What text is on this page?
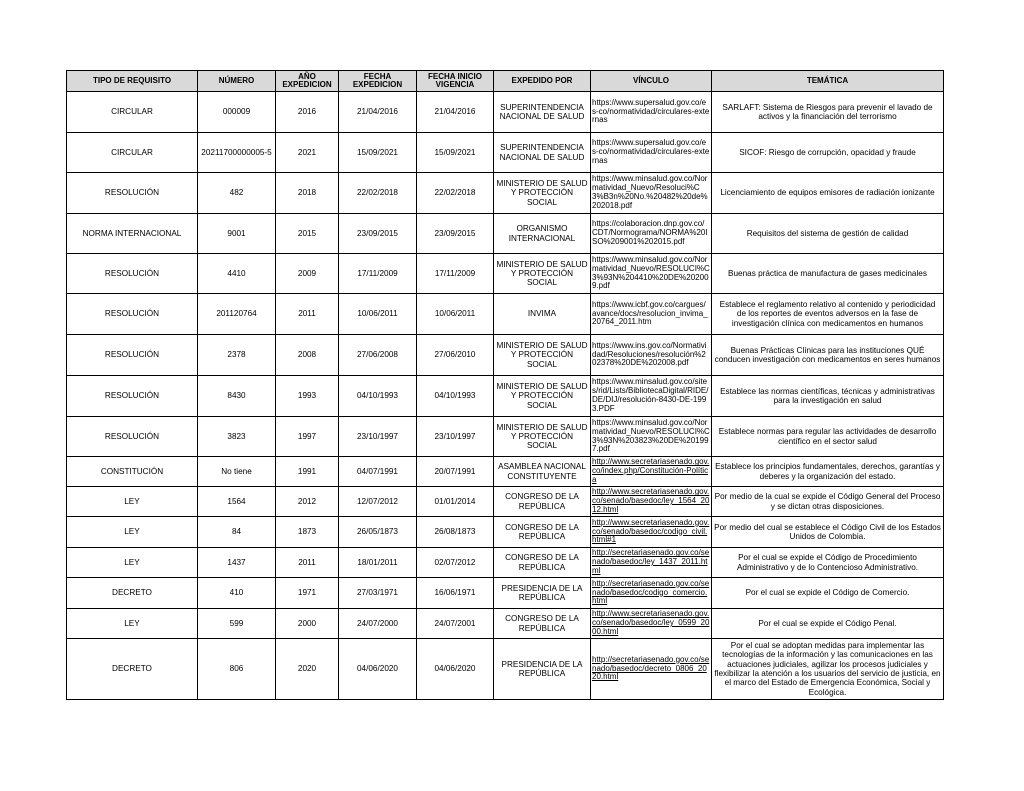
TIPO DE REQUISITO	NÚMERO	AÑO EXPEDICION	FECHA EXPEDICION	FECHA INICIO VIGENCIA	EXPEDIDO POR	VÍNCULO	TEMÁTICA
CIRCULAR	000009	2016	21/04/2016	21/04/2016	SUPERINTENDENCIA NACIONAL DE SALUD	https://www.supersalud.gov.co/es-co/normatividad/circulares-externas	SARLAFT: Sistema de Riesgos para prevenir el lavado de activos y la financiación del terrorismo
CIRCULAR	20211700000005-5	2021	15/09/2021	15/09/2021	SUPERINTENDENCIA NACIONAL DE SALUD	https://www.supersalud.gov.co/es-co/normatividad/circulares-externas	SICOF: Riesgo de corrupción, opacidad y fraude
RESOLUCIÓN	482	2018	22/02/2018	22/02/2018	MINISTERIO DE SALUD Y PROTECCIÓN SOCIAL	https://www.minsalud.gov.co/Normatividad_Nuevo/Resoluci%C3%B3n%20No.%20482%20de%202018.pdf	Licenciamiento de equipos emisores de radiación ionizante
NORMA INTERNACIONAL	9001	2015	23/09/2015	23/09/2015	ORGANISMO INTERNACIONAL	https://colaboracion.dnp.gov.co/CDT/Normograma/NORMA%20ISO%209001%202015.pdf	Requisitos del sistema de gestión de calidad
RESOLUCIÓN	4410	2009	17/11/2009	17/11/2009	MINISTERIO DE SALUD Y PROTECCIÓN SOCIAL	https://www.minsalud.gov.co/Normatividad_Nuevo/RESOLUCI%C3%93N%204410%20DE%202009.pdf	Buenas práctica de manufactura de gases medicinales
RESOLUCIÓN	201120764	2011	10/06/2011	10/06/2011	INVIMA	https://www.icbf.gov.co/cargues/avance/docs/resolucion_invima_20764_2011.htm	Establece el reglamento relativo al contenido y periodicidad de los reportes de eventos adversos en la fase de investigación clínica con medicamentos en humanos
RESOLUCIÓN	2378	2008	27/06/2008	27/06/2010	MINISTERIO DE SALUD Y PROTECCIÓN SOCIAL	https://www.ins.gov.co/Normatividad/Resoluciones/resolución%202378%20DE%202008.pdf	Buenas Prácticas Clínicas para las instituciones QUÉ conducen investigación con medicamentos en seres humanos
RESOLUCIÓN	8430	1993	04/10/1993	04/10/1993	MINISTERIO DE SALUD Y PROTECCIÓN SOCIAL	https://www.minsalud.gov.co/sites/rid/Lists/BibliotecaDigital/RIDE/DE/DIJ/resolución-8430-DE-1993.PDF	Establece las normas científicas, técnicas y administrativas para la investigación en salud
RESOLUCIÓN	3823	1997	23/10/1997	23/10/1997	MINISTERIO DE SALUD Y PROTECCIÓN SOCIAL	https://www.minsalud.gov.co/Normatividad_Nuevo/RESOLUCI%C3%93N%203823%20DE%201997.pdf	Establece normas para regular las actividades de desarrollo científico en el sector salud
CONSTITUCIÓN	No tiene	1991	04/07/1991	20/07/1991	ASAMBLEA NACIONAL CONSTITUYENTE	http://www.secretariasenado.gov.co/index.php/Constitución-Política	Establece los principios fundamentales, derechos, garantías y deberes y la organización del estado.
LEY	1564	2012	12/07/2012	01/01/2014	CONGRESO DE LA REPÚBLICA	http://www.secretariasenado.gov.co/senado/basedoc/ley_1564_2012.html	Por medio de la cual se expide el Código General del Proceso y se dictan otras disposiciones.
LEY	84	1873	26/05/1873	26/08/1873	CONGRESO DE LA REPÚBLICA	http://www.secretariasenado.gov.co/senado/basedoc/codigo_civil.html#1	Por medio del cual se establece el Código Civil de los Estados Unidos de Colombia.
LEY	1437	2011	18/01/2011	02/07/2012	CONGRESO DE LA REPÚBLICA	http://secretariasenado.gov.co/senado/basedoc/ley_1437_2011.html	Por el cual se expide el Código de Procedimiento Administrativo y de lo Contencioso Administrativo.
DECRETO	410	1971	27/03/1971	16/06/1971	PRESIDENCIA DE LA REPÚBLICA	http://secretariasenado.gov.co/senado/basedoc/codigo_comercio.html	Por el cual se expide el Código de Comercio.
LEY	599	2000	24/07/2000	24/07/2001	CONGRESO DE LA REPÚBLICA	http://www.secretariasenado.gov.co/senado/basedoc/ley_0599_2000.html	Por el cual se expide el Código Penal.
DECRETO	806	2020	04/06/2020	04/06/2020	PRESIDENCIA DE LA REPÚBLICA	http://secretariasenado.gov.co/senado/basedoc/decreto_0806_2020.html	Por el cual se adoptan medidas para implementar las tecnologías de la información y las comunicaciones en las actuaciones judiciales, agilizar los procesos judiciales y flexibilizar la atención a los usuarios del servicio de justicia, en el marco del Estado de Emergencia Económica, Social y Ecológica.
